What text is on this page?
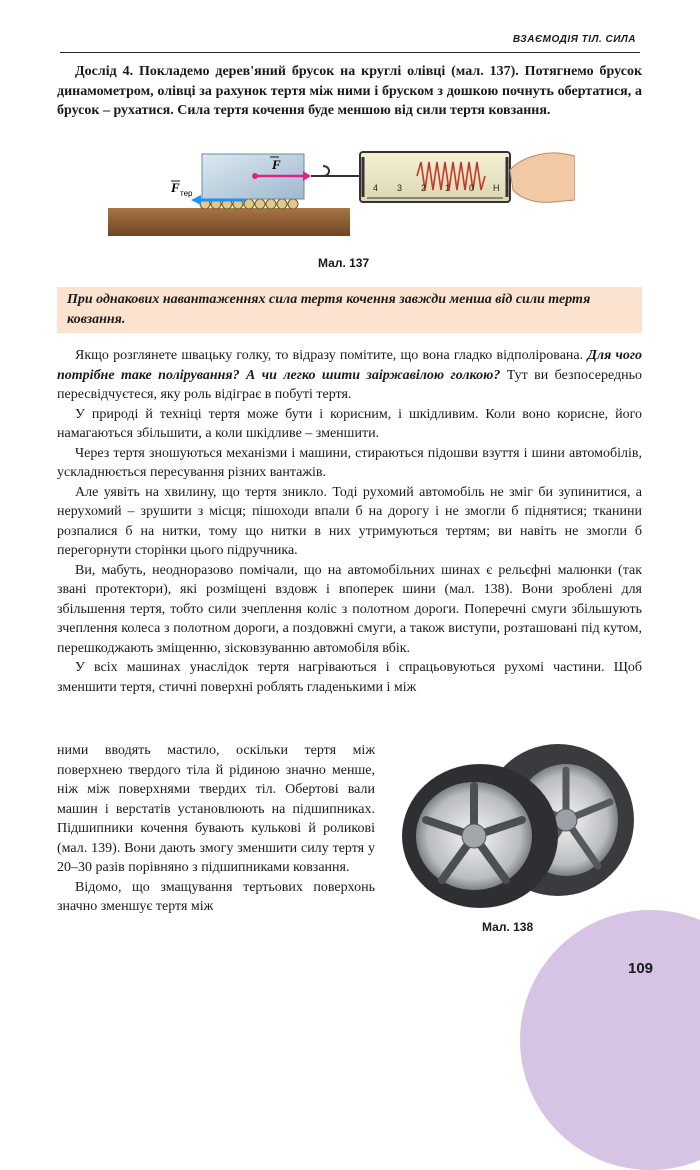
ВЗАЄМОДІЯ ТІЛ. СИЛА

Дослід 4. Покладемо дерев'яний брусок на круглі олівці (мал. 137). Потягнемо брусок динамометром, олівці за рахунок тертя між ними і бруском з дошкою почнуть обертатися, а брусок – рухатися. Сила тертя кочення буде меншою від сили тертя ковзання.

F
F тер
4 3 2 1 0 Н
Мал. 137
При однакових навантаженнях сила тертя кочення завжди менша від сили тертя ковзання.

Якщо розглянете швацьку голку, то відразу помітите, що вона гладко відполірована. Для чого потрібне таке полірування? А чи легко шити заіржавілою голкою? Тут ви безпосередньо пересвідчуєтеся, яку роль відіграє в побуті тертя.

У природі й техніці тертя може бути і корисним, і шкідливим. Коли воно корисне, його намагаються збільшити, а коли шкідливе – зменшити.

Через тертя зношуються механізми і машини, стираються підошви взуття і шини автомобілів, ускладнюється пересування різних вантажів.

Але уявіть на хвилину, що тертя зникло. Тоді рухомий автомобіль не зміг би зупинитися, а нерухомий – зрушити з місця; пішоходи впали б на дорогу і не змогли б піднятися; тканини розпалися б на нитки, тому що нитки в них утримуються тертям; ви навіть не змогли б перегорнути сторінки цього підручника.

Ви, мабуть, неодноразово помічали, що на автомобільних шинах є рельєфні малюнки (так звані протектори), які розміщені вздовж і впоперек шини (мал. 138). Вони зроблені для збільшення тертя, тобто сили зчеплення коліс з полотном дороги. Поперечні смуги збільшують зчеплення колеса з полотном дороги, а поздовжні смуги, а також виступи, розташовані під кутом, перешкоджають зміщенню, зісковзуванню автомобіля вбік.

У всіх машинах унаслідок тертя нагріваються і спрацьовуються рухомі частини. Щоб зменшити тертя, стичні поверхні роблять гладенькими і між

ними вводять мастило, оскільки тертя між поверхнею твердого тіла й рідиною значно менше, ніж між поверхнями твердих тіл. Обертові вали машин і верстатів установлюють на підшипниках. Підшипники кочення бувають кулькові й роликові (мал. 139). Вони дають змогу зменшити силу тертя у 20–30 разів порівняно з підшипниками ковзання.

Відомо, що змащування тертьових поверхонь значно зменшує тертя між

Мал. 138
109
